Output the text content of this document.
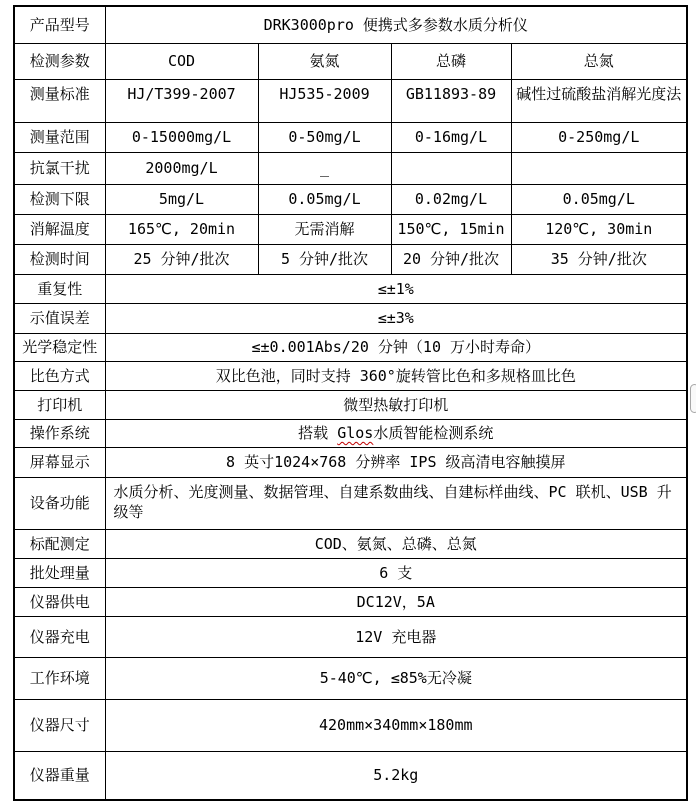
产品型号	DRK3000pro 便携式多参数水质分析仪			
检测参数	COD	氨氮	总磷	总氮
测量标准	HJ/T399-2007	HJ535-2009	GB11893-89	碱性过硫酸盐消解光度法
测量范围	0-15000mg/L	0-50mg/L	0-16mg/L	0-250mg/L
抗氯干扰	2000mg/L	_		
检测下限	5mg/L	0.05mg/L	0.02mg/L	0.05mg/L
消解温度	165℃, 20min	无需消解	150℃, 15min	120℃, 30min
检测时间	25 分钟/批次	5 分钟/批次	20 分钟/批次	35 分钟/批次
重复性	≤±1%			
示值误差	≤±3%			
光学稳定性	≤±0.001Abs/20 分钟（10 万小时寿命）			
比色方式	双比色池，同时支持 360°旋转管比色和多规格皿比色			
打印机	微型热敏打印机			
操作系统	搭载 Glos水质智能检测系统			
屏幕显示	8 英寸1024×768 分辨率 IPS 级高清电容触摸屏			
设备功能	水质分析、光度测量、数据管理、自建系数曲线、自建标样曲线、PC 联机、USB 升级等			
标配测定	COD、氨氮、总磷、总氮			
批处理量	6 支			
仪器供电	DC12V，5A			
仪器充电	12V 充电器			
工作环境	5-40℃, ≤85%无冷凝			
仪器尺寸	420mm×340mm×180mm			
仪器重量	5.2kg			
